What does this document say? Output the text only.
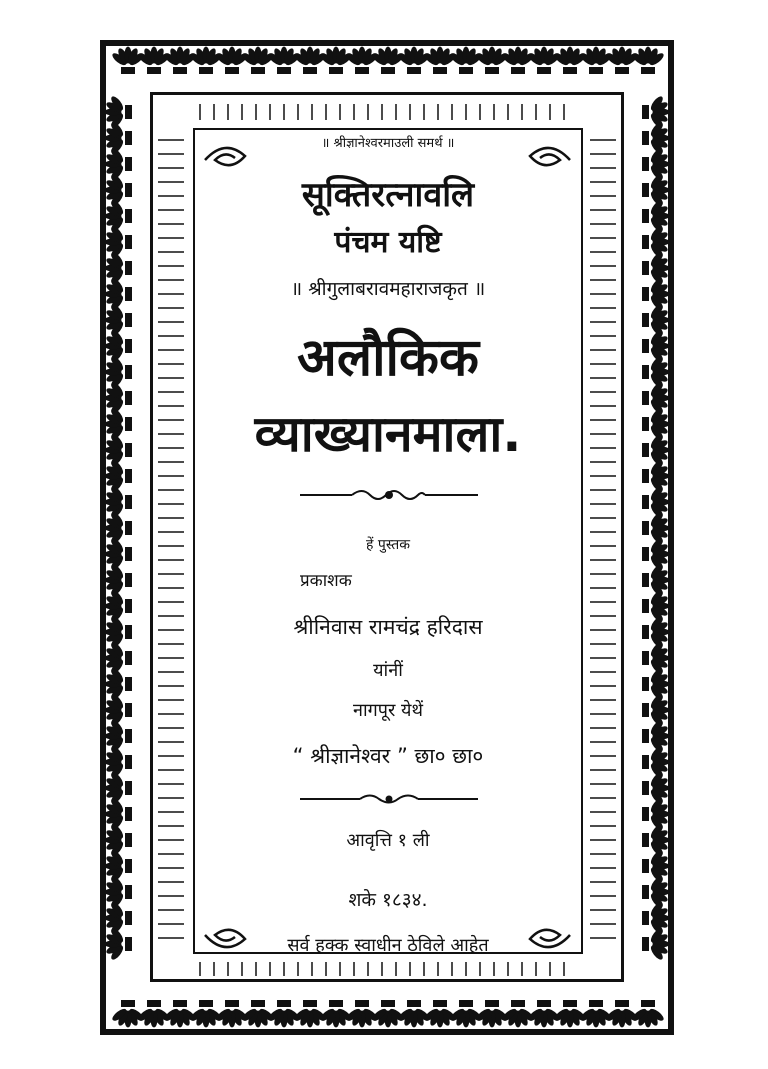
॥ श्रीज्ञानेश्वरमाउली समर्थ ॥
सूक्तिरत्नावलि
पंचम यष्टि
॥ श्रीगुलाबरावमहाराजकृत ॥
अलौकिक
व्याख्यानमाला.
हें पुस्तक
प्रकाशक
श्रीनिवास रामचंद्र हरिदास
यांनीं
नागपूर येथें
“ श्रीज्ञानेश्वर ” छा० छा०
आवृत्ति १ ली
शके १८३४.
सर्व हक्क स्वाधीन ठेविले आहेत
